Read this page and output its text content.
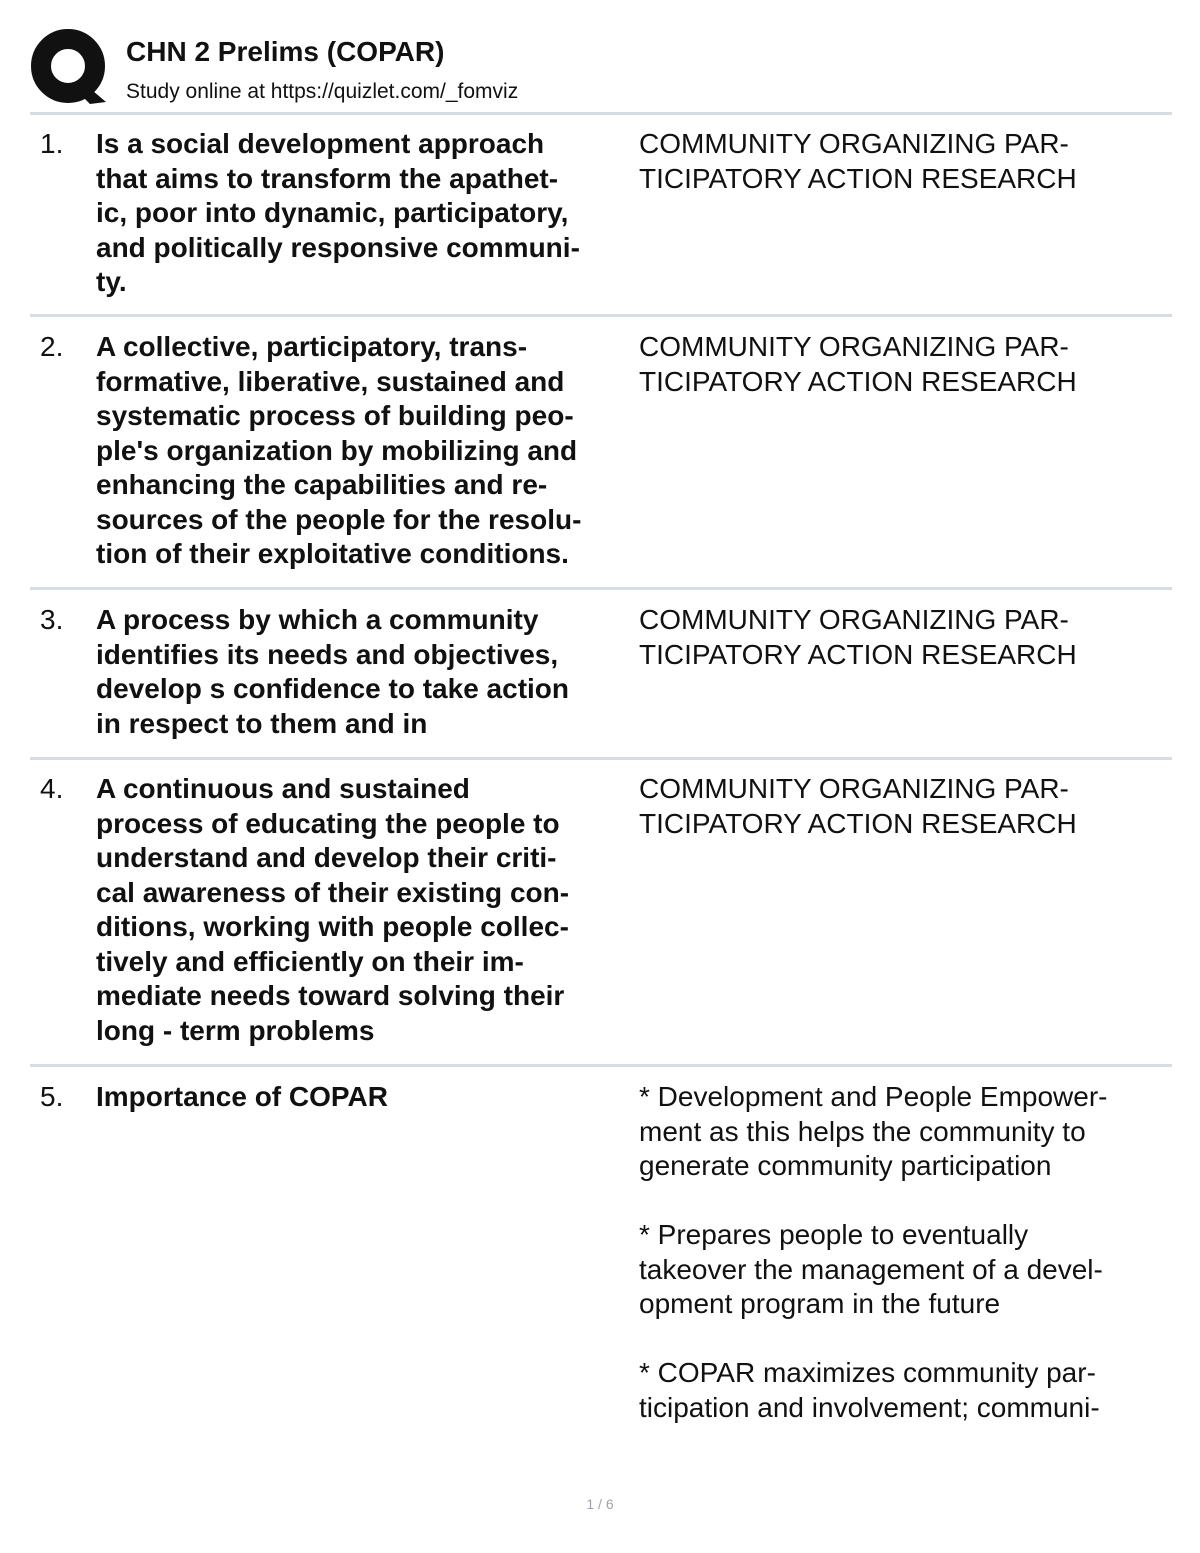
CHN 2 Prelims (COPAR)
Study online at https://quizlet.com/_fomviz
1. Is a social development approach
that aims to transform the apathet-
ic, poor into dynamic, participatory,
and politically responsive communi-
ty.
COMMUNITY ORGANIZING PAR-
TICIPATORY ACTION RESEARCH
2. A collective, participatory, trans-
formative, liberative, sustained and
systematic process of building peo-
ple's organization by mobilizing and
enhancing the capabilities and re-
sources of the people for the resolu-
tion of their exploitative conditions.
COMMUNITY ORGANIZING PAR-
TICIPATORY ACTION RESEARCH
3. A process by which a community
identifies its needs and objectives,
develop s confidence to take action
in respect to them and in
COMMUNITY ORGANIZING PAR-
TICIPATORY ACTION RESEARCH
4. A continuous and sustained
process of educating the people to
understand and develop their criti-
cal awareness of their existing con-
ditions, working with people collec-
tively and efficiently on their im-
mediate needs toward solving their
long - term problems
COMMUNITY ORGANIZING PAR-
TICIPATORY ACTION RESEARCH
5. Importance of COPAR	* Development and People Empower-
ment as this helps the community to
generate community participation
* Prepares people to eventually
takeover the management of a devel-
opment program in the future
* COPAR maximizes community par-
ticipation and involvement; communi-
1 / 6
